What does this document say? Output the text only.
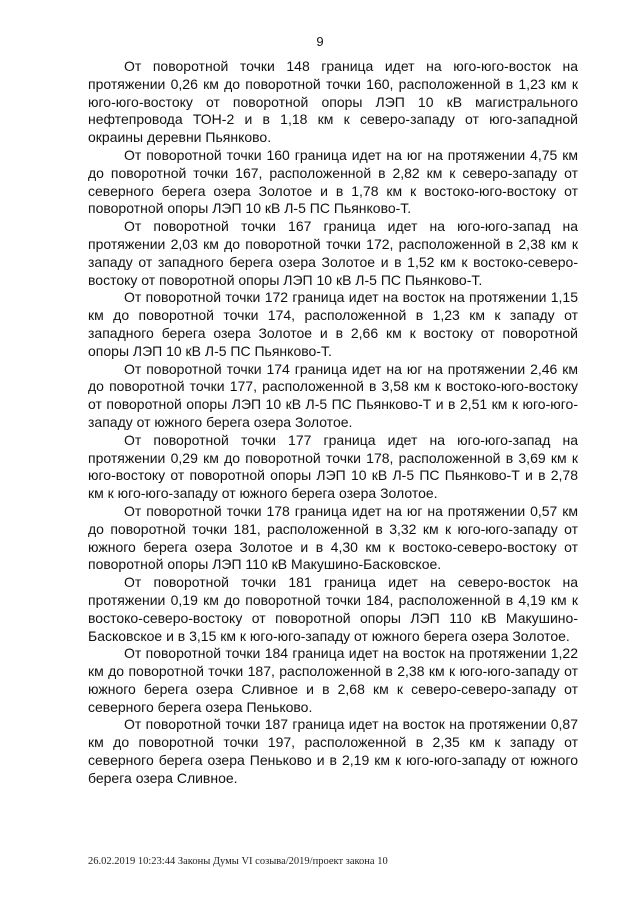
9

От поворотной точки 148 граница идет на юго-юго-восток на протяжении 0,26 км до поворотной точки 160, расположенной в 1,23 км к юго-юго-востоку от поворотной опоры ЛЭП 10 кВ магистрального нефтепровода ТОН-2 и в 1,18 км к северо-западу от юго-западной окраины деревни Пьянково.

От поворотной точки 160 граница идет на юг на протяжении 4,75 км до поворотной точки 167, расположенной в 2,82 км к северо-западу от северного берега озера Золотое и в 1,78 км к востоко-юго-востоку от поворотной опоры ЛЭП 10 кВ Л-5 ПС Пьянково-Т.

От поворотной точки 167 граница идет на юго-юго-запад на протяжении 2,03 км до поворотной точки 172, расположенной в 2,38 км к западу от западного берега озера Золотое и в 1,52 км к востоко-северо-востоку от поворотной опоры ЛЭП 10 кВ Л-5 ПС Пьянково-Т.

От поворотной точки 172 граница идет на восток на протяжении 1,15 км до поворотной точки 174, расположенной в 1,23 км к западу от западного берега озера Золотое и в 2,66 км к востоку от поворотной опоры ЛЭП 10 кВ Л-5 ПС Пьянково-Т.

От поворотной точки 174 граница идет на юг на протяжении 2,46 км до поворотной точки 177, расположенной в 3,58 км к востоко-юго-востоку от поворотной опоры ЛЭП 10 кВ Л-5 ПС Пьянково-Т и в 2,51 км к юго-юго-западу от южного берега озера Золотое.

От поворотной точки 177 граница идет на юго-юго-запад на протяжении 0,29 км до поворотной точки 178, расположенной в 3,69 км к юго-востоку от поворотной опоры ЛЭП 10 кВ Л-5 ПС Пьянково-Т и в 2,78 км к юго-юго-западу от южного берега озера Золотое.

От поворотной точки 178 граница идет на юг на протяжении 0,57 км до поворотной точки 181, расположенной в 3,32 км к юго-юго-западу от южного берега озера Золотое и в 4,30 км к востоко-северо-востоку от поворотной опоры ЛЭП 110 кВ Макушино-Басковское.

От поворотной точки 181 граница идет на северо-восток на протяжении 0,19 км до поворотной точки 184, расположенной в 4,19 км к востоко-северо-востоку от поворотной опоры ЛЭП 110 кВ Макушино-Басковское и в 3,15 км к юго-юго-западу от южного берега озера Золотое.

От поворотной точки 184 граница идет на восток на протяжении 1,22 км до поворотной точки 187, расположенной в 2,38 км к юго-юго-западу от южного берега озера Сливное и в 2,68 км к северо-северо-западу от северного берега озера Пеньково.

От поворотной точки 187 граница идет на восток на протяжении 0,87 км до поворотной точки 197, расположенной в 2,35 км к западу от северного берега озера Пеньково и в 2,19 км к юго-юго-западу от южного берега озера Сливное.

26.02.2019 10:23:44 Законы Думы VI созыва/2019/проект закона 10
